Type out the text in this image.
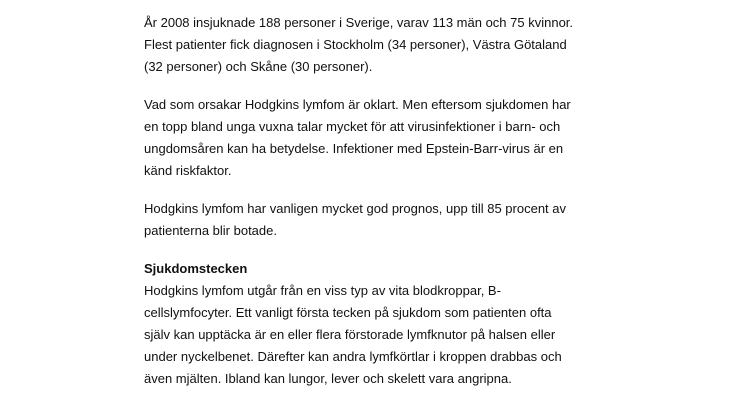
År 2008 insjuknade 188 personer i Sverige, varav 113 män och 75 kvinnor.
Flest patienter fick diagnosen i Stockholm (34 personer), Västra Götaland
(32 personer) och Skåne (30 personer).

Vad som orsakar Hodgkins lymfom är oklart. Men eftersom sjukdomen har
en topp bland unga vuxna talar mycket för att virusinfektioner i barn- och
ungdomsåren kan ha betydelse. Infektioner med Epstein-Barr-virus är en
känd riskfaktor.

Hodgkins lymfom har vanligen mycket god prognos, upp till 85 procent av
patienterna blir botade.

Sjukdomstecken
Hodgkins lymfom utgår från en viss typ av vita blodkroppar, B-
cellslymfocyter. Ett vanligt första tecken på sjukdom som patienten ofta
själv kan upptäcka är en eller flera förstorade lymfknutor på halsen eller
under nyckelbenet. Därefter kan andra lymfkörtlar i kroppen drabbas och
även mjälten. Ibland kan lungor, lever och skelett vara angripna.
